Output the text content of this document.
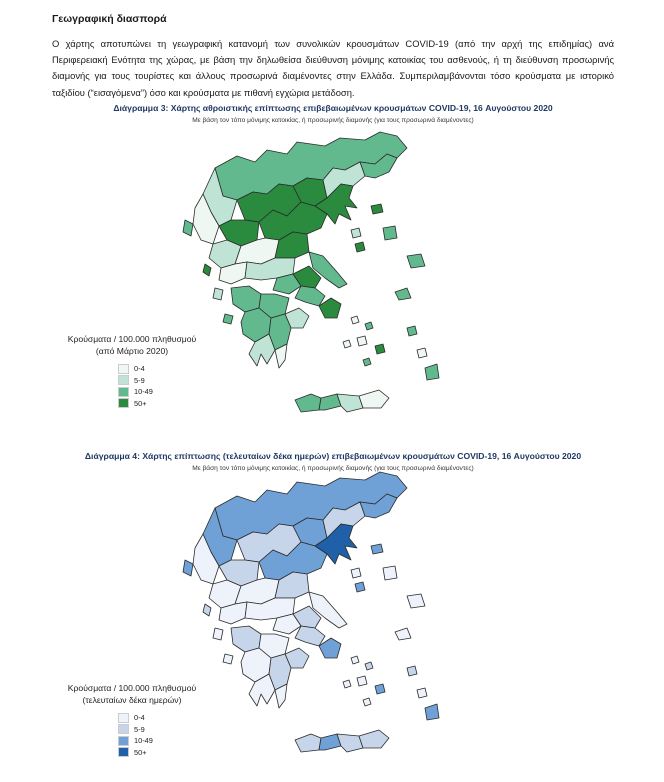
Γεωγραφική διασπορά

Ο χάρτης αποτυπώνει τη γεωγραφική κατανομή των συνολικών κρουσμάτων COVID-19 (από την αρχή της επιδημίας) ανά Περιφερειακή Ενότητα της χώρας, με βάση την δηλωθείσα διεύθυνση μόνιμης κατοικίας του ασθενούς, ή τη διεύθυνση προσωρινής διαμονής για τους τουρίστες και άλλους προσωρινά διαμένοντες στην Ελλάδα. Συμπεριλαμβάνονται τόσο κρούσματα με ιστορικό ταξιδίου (“εισαγόμενα”) όσο και κρούσματα με πιθανή εγχώρια μετάδοση.

Διάγραμμα 3: Χάρτης αθροιστικής επίπτωσης επιβεβαιωμένων κρουσμάτων COVID-19, 16 Αυγούστου 2020

Με βάση τον τόπο μόνιμης κατοικίας, ή προσωρινής διαμονής (για τους προσωρινά διαμένοντες)

Κρούσματα / 100.000 πληθυσμού
(από Μάρτιο 2020)
0-4
5-9
10-49
50+

Διάγραμμα 4: Χάρτης επίπτωσης (τελευταίων δέκα ημερών) επιβεβαιωμένων κρουσμάτων COVID-19, 16 Αυγούστου 2020

Με βάση τον τόπο μόνιμης κατοικίας, ή προσωρινής διαμονής (για τους προσωρινά διαμένοντες)

Κρούσματα / 100.000 πληθυσμού
(τελευταίων δέκα ημερών)
0-4
5-9
10-49
50+
